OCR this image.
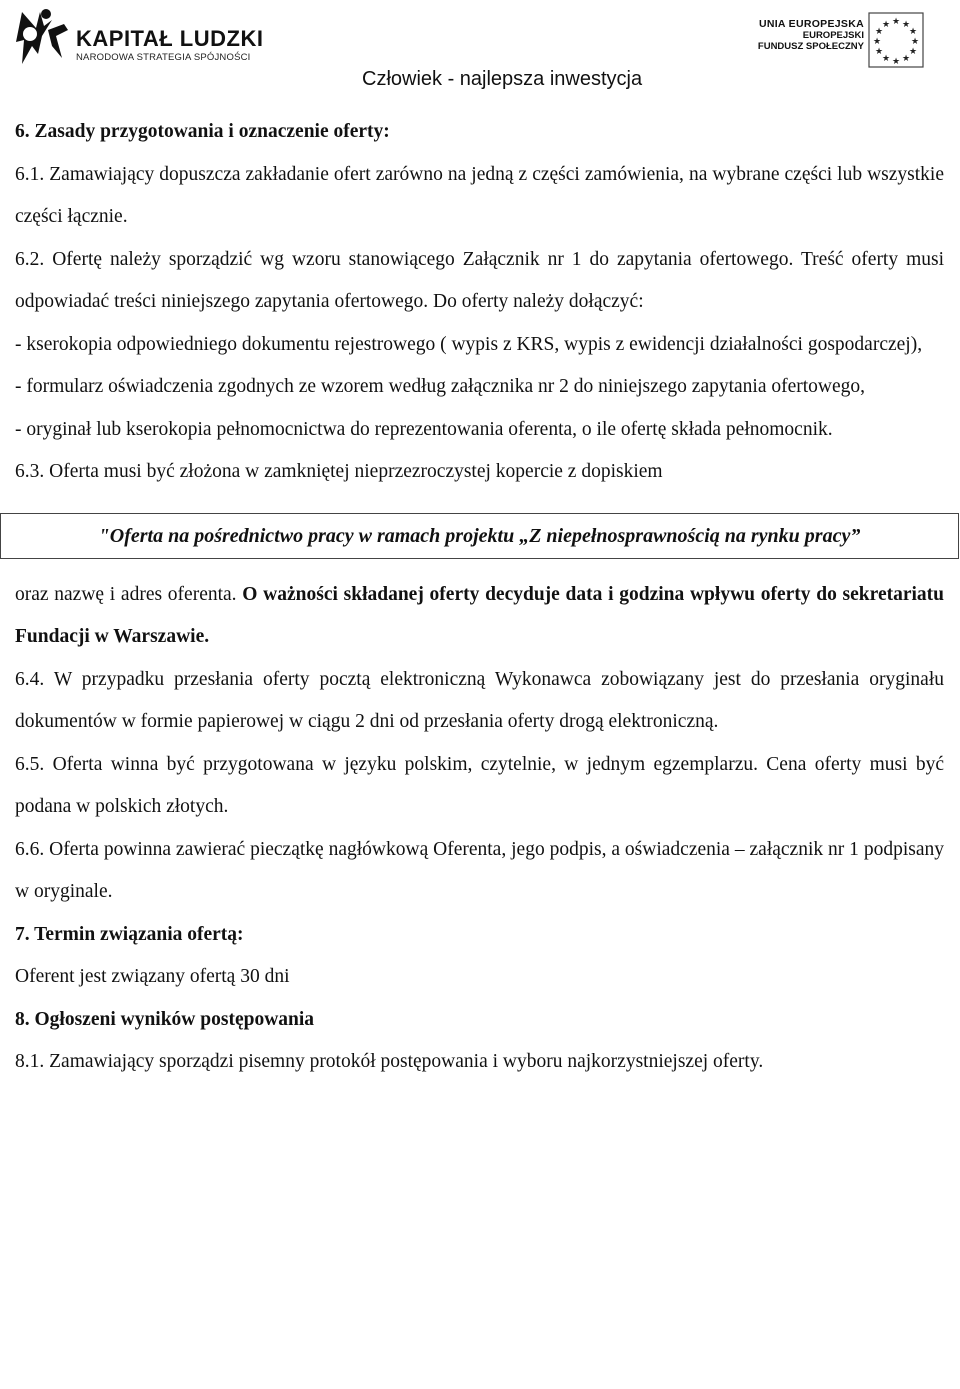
KAPITAŁ LUDZKI
NARODOWA STRATEGIA SPÓJNOŚCI
UNIA EUROPEJSKA
EUROPEJSKI
FUNDUSZ SPOŁECZNY
★ ★
★
★
★
★
★
★
★
★
★
★
Człowiek - najlepsza inwestycja

6. Zasady przygotowania i oznaczenie oferty:

6.1. Zamawiający dopuszcza zakładanie ofert zarówno na jedną z części zamówienia, na wybrane części lub wszystkie części łącznie.

6.2. Ofertę należy sporządzić wg wzoru stanowiącego Załącznik nr 1 do zapytania ofertowego. Treść oferty musi odpowiadać treści niniejszego zapytania ofertowego. Do oferty należy dołączyć:

- kserokopia odpowiedniego dokumentu rejestrowego ( wypis z KRS, wypis z ewidencji działalności gospodarczej),

- formularz oświadczenia zgodnych ze wzorem według załącznika nr 2 do niniejszego zapytania ofertowego,

- oryginał lub kserokopia pełnomocnictwa do reprezentowania oferenta, o ile ofertę składa pełnomocnik.

6.3. Oferta musi być złożona w zamkniętej nieprzezroczystej kopercie z dopiskiem

"Oferta na pośrednictwo pracy w ramach projektu „Z niepełnosprawnością na rynku pracy”

oraz nazwę i adres oferenta. O ważności składanej oferty decyduje data i godzina wpływu oferty do sekretariatu Fundacji w Warszawie.

6.4. W przypadku przesłania oferty pocztą elektroniczną Wykonawca zobowiązany jest do przesłania oryginału dokumentów w formie papierowej w ciągu 2 dni od przesłania oferty drogą elektroniczną.

6.5. Oferta winna być przygotowana w języku polskim, czytelnie, w jednym egzemplarzu. Cena oferty musi być podana w polskich złotych.

6.6. Oferta powinna zawierać pieczątkę nagłówkową Oferenta, jego podpis, a oświadczenia – załącznik nr 1 podpisany w oryginale.

7. Termin związania ofertą:

Oferent jest związany ofertą 30 dni

8. Ogłoszeni wyników postępowania

8.1. Zamawiający sporządzi pisemny protokół postępowania i wyboru najkorzystniejszej oferty.
